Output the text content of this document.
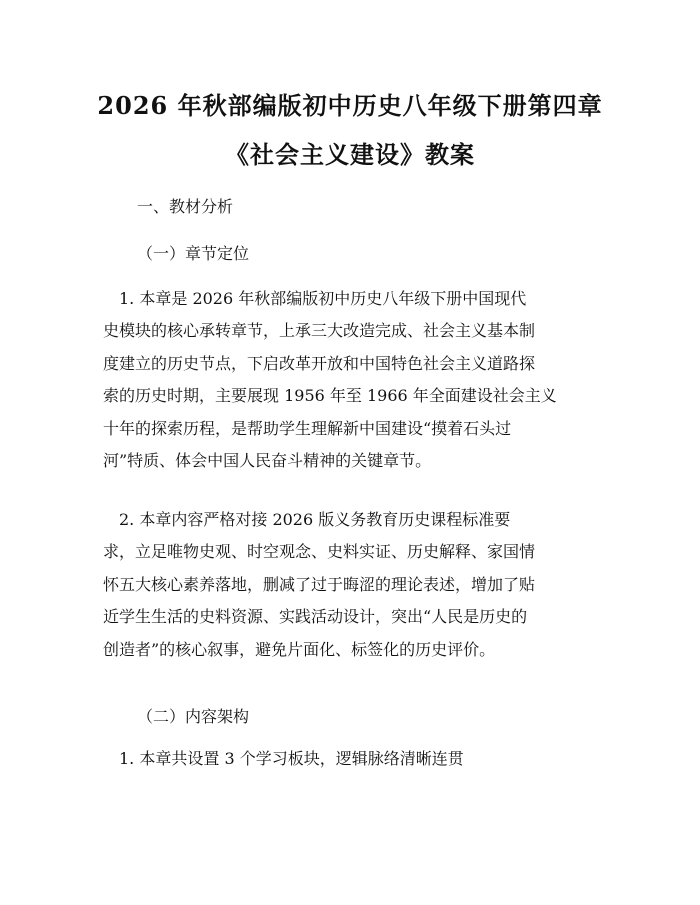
2026 年秋部编版初中历史八年级下册第四章
《社会主义建设》教案
一、教材分析
（一）章节定位
　1. 本章是 2026 年秋部编版初中历史八年级下册中国现代
史模块的核心承转章节，上承三大改造完成、社会主义基本制
度建立的历史节点，下启改革开放和中国特色社会主义道路探
索的历史时期，主要展现 1956 年至 1966 年全面建设社会主义
十年的探索历程，是帮助学生理解新中国建设“摸着石头过
河”特质、体会中国人民奋斗精神的关键章节。
　2. 本章内容严格对接 2026 版义务教育历史课程标准要
求，立足唯物史观、时空观念、史料实证、历史解释、家国情
怀五大核心素养落地，删减了过于晦涩的理论表述，增加了贴
近学生生活的史料资源、实践活动设计，突出“人民是历史的
创造者”的核心叙事，避免片面化、标签化的历史评价。
（二）内容架构
　1. 本章共设置 3 个学习板块，逻辑脉络清晰连贯
